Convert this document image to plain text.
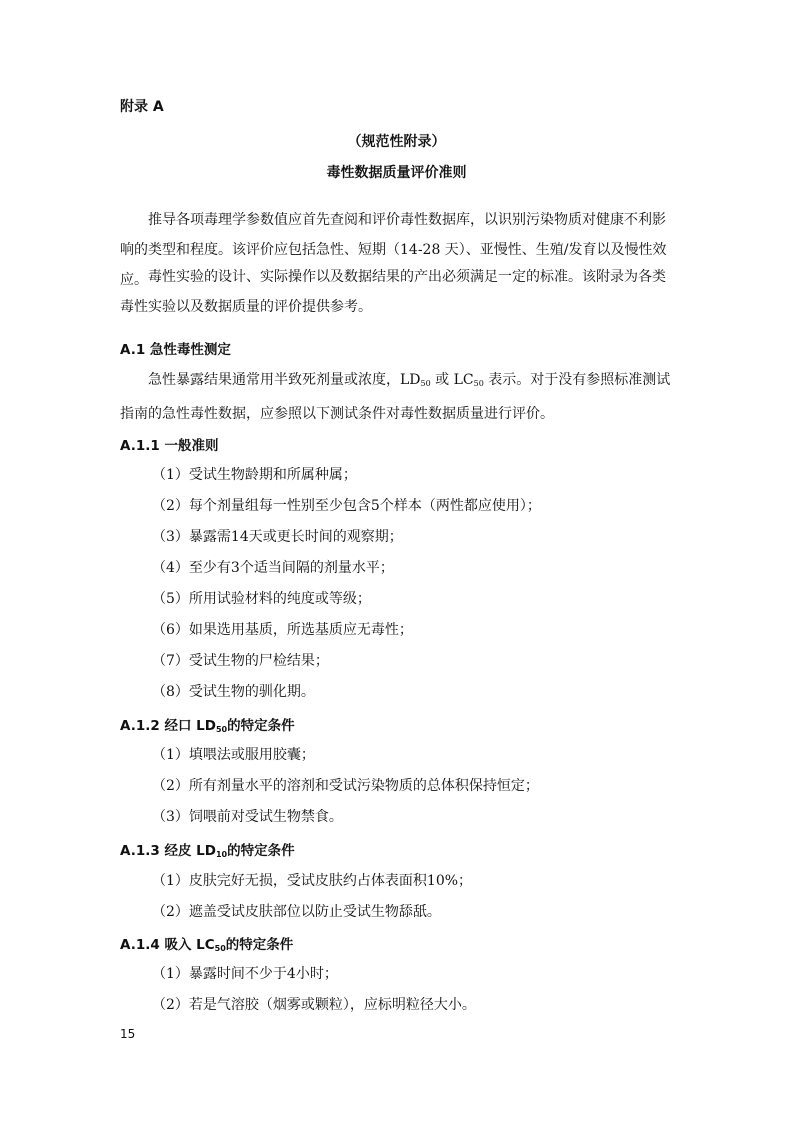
附录 A
（规范性附录）
毒性数据质量评价准则

推导各项毒理学参数值应首先查阅和评价毒性数据库，以识别污染物质对健康不利影响的类型和程度。该评价应包括急性、短期（14-28 天）、亚慢性、生殖/发育以及慢性效应。 毒性实验的设计、实际操作以及数据结果的产出必须满足一定的标准。该附录为各类毒性实验以及数据质量的评价提供参考。

A.1 急性毒性测定

急性暴露结果通常用半致死剂量或浓度，$LD_{50}$ 或 $LC_{50}$ 表示。对于没有参照标准测试指南的急性毒性数据，应参照以下测试条件对毒性数据质量进行评价。

A.1.1 一般准则
（1）受试生物龄期和所属种属；
（2）每个剂量组每一性别至少包含5个样本（两性都应使用）；
（3）暴露需14天或更长时间的观察期；
（4）至少有3个适当间隔的剂量水平；
（5）所用试验材料的纯度或等级；
（6）如果选用基质，所选基质应无毒性；
（7）受试生物的尸检结果；
（8）受试生物的驯化期。
A.1.2 经口 $LD_{50}$的特定条件
（1）填喂法或服用胶囊；
（2）所有剂量水平的溶剂和受试污染物质的总体积保持恒定；
（3）饲喂前对受试生物禁食。
A.1.3 经皮 $LD_{10}$的特定条件
（1）皮肤完好无损，受试皮肤约占体表面积10%；
（2）遮盖受试皮肤部位以防止受试生物舔舐。
A.1.4 吸入 $LC_{50}$的特定条件
（1）暴露时间不少于4小时；
（2）若是气溶胶（烟雾或颗粒），应标明粒径大小。
15
